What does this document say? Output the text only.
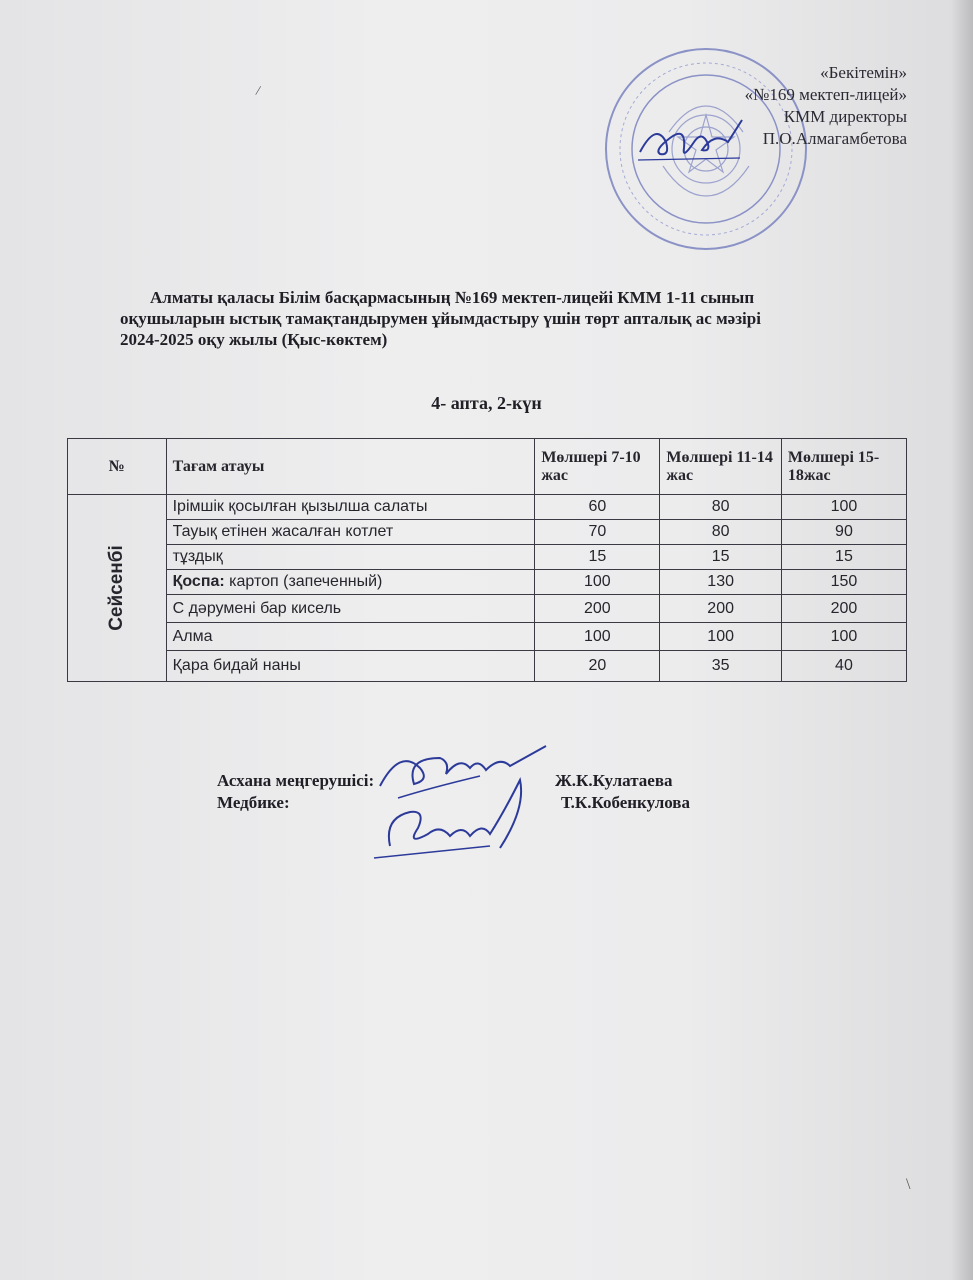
/
«Бекітемін»
«№169 мектеп-лицей»
КММ директоры
П.О.Алмагамбетова
Алматы қаласы Білім басқармасының №169 мектеп-лицейі КММ 1-11 сынып
оқушыларын ыстық тамақтандырумен ұйымдастыру үшін төрт апталық ас мәзірі
2024-2025 оқу жылы (Қыс-көктем)
4- апта, 2-күн
№	Тағам атауы	Мөлшері 7-10 жас	Мөлшері 11-14 жас	Мөлшері 15-18жас
Сейсенбі	Ірімшік қосылған қызылша салаты	60	80	100
	Тауық етінен жасалған котлет	70	80	90
	тұздық	15	15	15
	Қоспа: картоп (запеченный)	100	130	150
	С дәрумені бар кисель	200	200	200
	Алма	100	100	100
	Қара бидай наны	20	35	40
Асхана меңгерушісі:	Ж.К.Кулатаева
Медбике:	Т.К.Кобенкулова
\
